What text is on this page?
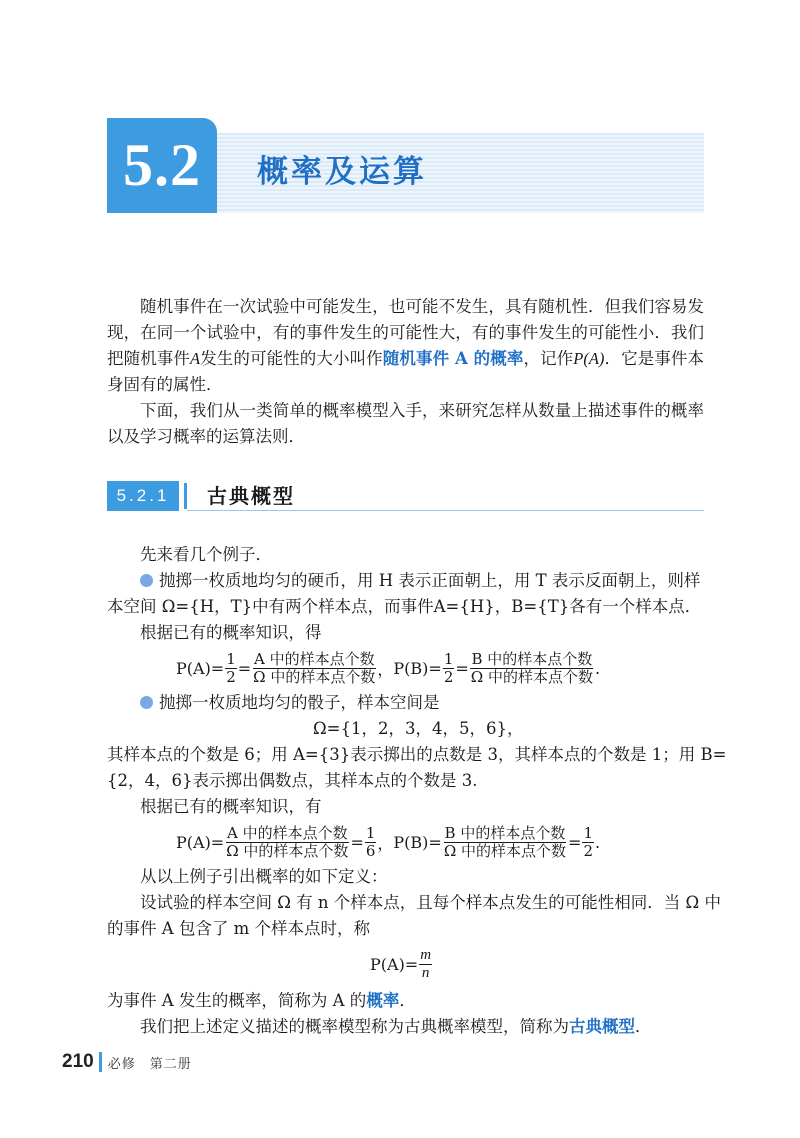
5.2	概率及运算
随机事件在一次试验中可能发生，也可能不发生，具有随机性．但我们容易发现，在同一个试验中，有的事件发生的可能性大，有的事件发生的可能性小．我们把随机事件A发生的可能性的大小叫作随机事件 A 的概率，记作P(A)．它是事件本身固有的属性．
下面，我们从一类简单的概率模型入手，来研究怎样从数量上描述事件的概率以及学习概率的运算法则．
5.2.1	古典概型
先来看几个例子．
抛掷一枚质地均匀的硬币，用 H 表示正面朝上，用 T 表示反面朝上，则样
本空间 Ω={H，T}中有两个样本点，而事件A={H}，B={T}各有一个样本点．
根据已有的概率知识，得
$P(A)= \frac{1}{2} = \frac{\text{A 中的样本点个数}}{\text{Ω 中的样本点个数}}$ ， $P(B)= \frac{1}{2} = \frac{\text{B 中的样本点个数}}{\text{Ω 中的样本点个数}}$ .
抛掷一枚质地均匀的骰子，样本空间是
Ω={1，2，3，4，5，6}，
其样本点的个数是 6；用 A={3}表示掷出的点数是 3，其样本点的个数是 1；用 B=
{2，4，6}表示掷出偶数点，其样本点的个数是 3.
根据已有的概率知识，有
$P(A)= \frac{\text{A 中的样本点个数}}{\text{Ω 中的样本点个数}} = \frac{1}{6}$ ， $P(B)= \frac{\text{B 中的样本点个数}}{\text{Ω 中的样本点个数}} = \frac{1}{2}$ .
从以上例子引出概率的如下定义：
设试验的样本空间 Ω 有 n 个样本点，且每个样本点发生的可能性相同．当 Ω 中
的事件 A 包含了 m 个样本点时，称
$P(A)= \frac{m}{n}$
为事件 A 发生的概率，简称为 A 的概率．
我们把上述定义描述的概率模型称为古典概率模型，简称为古典概型．
210 必修　第二册
